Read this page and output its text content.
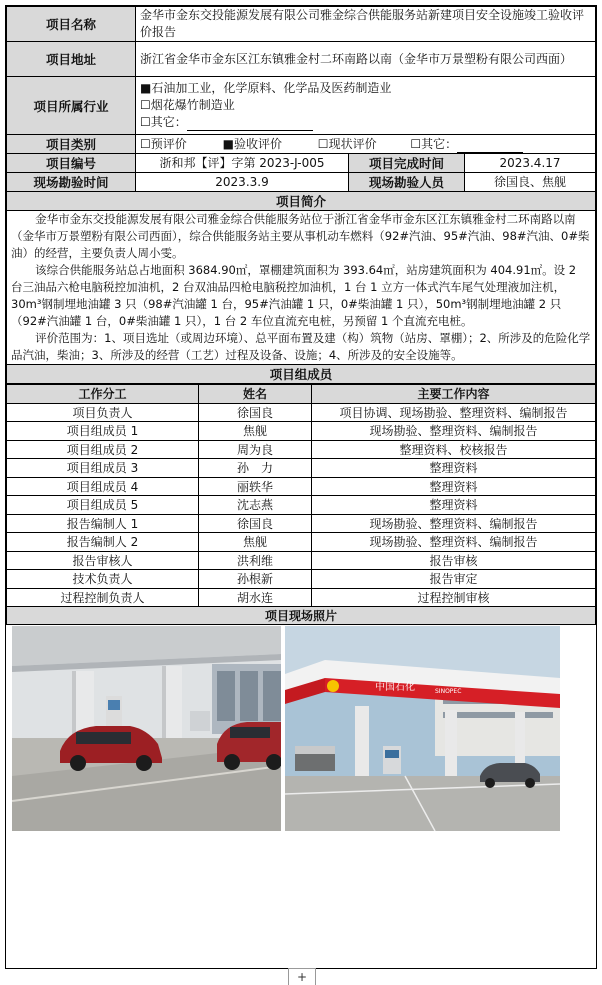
项目名称	金华市金东交投能源发展有限公司雅金综合供能服务站新建项目安全设施竣工验收评价报告		
项目地址	浙江省金华市金东区江东镇雅金村二环南路以南（金华市万景塑粉有限公司西面）		
项目所属行业	■石油加工业，化学原料、化学品及医药制造业
☐烟花爆竹制造业
☐其它：		

项目类别	☐预评价 ■验收评价 ☐现状评价 ☐其它：		
项目编号	浙和邦【评】字第 2023-J-005	项目完成时间	2023.4.17
现场勘验时间	2023.3.9	现场勘验人员	徐国良、焦舰
项目简介			

金华市金东交投能源发展有限公司雅金综合供能服务站位于浙江省金华市金东区江东镇雅金村二环南路以南（金华市万景塑粉有限公司西面），综合供能服务站主要从事机动车燃料（92#汽油、95#汽油、98#汽油、0#柴油）的经营，主要负责人周小雯。

该综合供能服务站总占地面积 3684.90㎡，罩棚建筑面积为 393.64㎡，站房建筑面积为 404.91㎡。设 2 台三油品六枪电脑税控加油机，2 台双油品四枪电脑税控加油机，1 台 1 立方一体式汽车尾气处理液加注机，30m³钢制埋地油罐 3 只（98#汽油罐 1 台，95#汽油罐 1 只，0#柴油罐 1 只），50m³钢制埋地油罐 2 只（92#汽油罐 1 台，0#柴油罐 1 只），1 台 2 车位直流充电桩，另预留 1 个直流充电桩。

评价范围为：1、项目选址（或周边环境）、总平面布置及建（构）筑物（站房、罩棚）；2、所涉及的危险化学品汽油，柴油；3、所涉及的经营（工艺）过程及设备、设施；4、所涉及的安全设施等。			

项目组成员			
工作分工	姓名	主要工作内容
项目负责人	徐国良	项目协调、现场勘验、整理资料、编制报告
项目组成员 1	焦舰	现场勘验、整理资料、编制报告
项目组成员 2	周为良	整理资料、校核报告
项目组成员 3	孙　力	整理资料
项目组成员 4	丽轶华	整理资料
项目组成员 5	沈志燕	整理资料
报告编制人 1	徐国良	现场勘验、整理资料、编制报告
报告编制人 2	焦舰	现场勘验、整理资料、编制报告
报告审核人	洪利维	报告审核
技术负责人	孙根新	报告审定
过程控制负责人	胡水连	过程控制审核
项目现场照片		
中国石化	SINOPEC
+
